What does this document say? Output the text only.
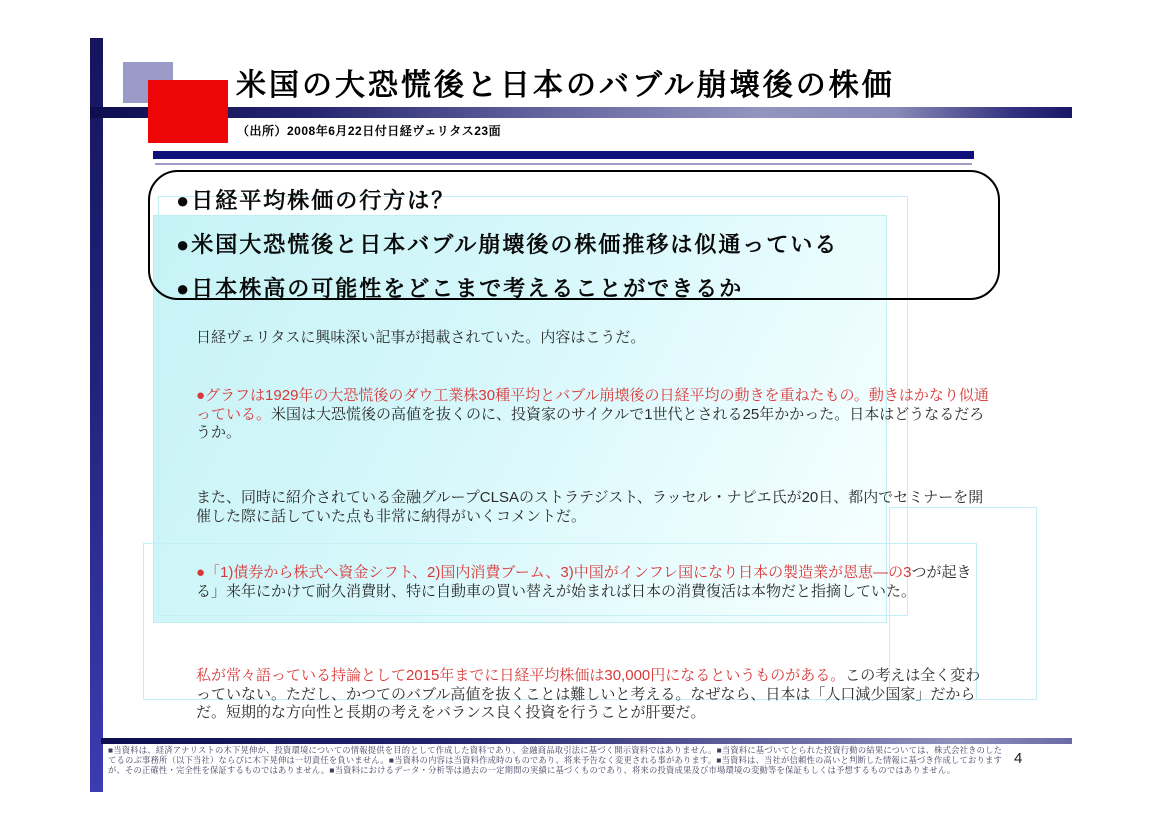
米国の大恐慌後と日本のバブル崩壊後の株価
（出所）2008年6月22日付日経ヴェリタス23面
●日経平均株価の行方は？
●米国大恐慌後と日本バブル崩壊後の株価推移は似通っている
●日本株高の可能性をどこまで考えることができるか
日経ヴェリタスに興味深い記事が掲載されていた。内容はこうだ。
●グラフは1929年の大恐慌後のダウ工業株30種平均とバブル崩壊後の日経平均の動きを重ねたもの。動きはかなり似通っている。米国は大恐慌後の高値を抜くのに、投資家のサイクルで1世代とされる25年かかった。日本はどうなるだろうか。
また、同時に紹介されている金融グループCLSAのストラテジスト、ラッセル・ナピエ氏が20日、都内でセミナーを開催した際に話していた点も非常に納得がいくコメントだ。
●「1)債券から株式へ資金シフト、2)国内消費ブーム、3)中国がインフレ国になり日本の製造業が恩恵―の3つが起きる」来年にかけて耐久消費財、特に自動車の買い替えが始まれば日本の消費復活は本物だと指摘していた。
私が常々語っている持論として2015年までに日経平均株価は30,000円になるというものがある。この考えは全く変わっていない。ただし、かつてのバブル高値を抜くことは難しいと考える。なぜなら、日本は「人口減少国家」だからだ。短期的な方向性と長期の考えをバランス良く投資を行うことが肝要だ。
■当資料は、経済アナリストの木下晃伸が、投資環境についての情報提供を目的として作成した資料であり、金融商品取引法に基づく開示資料ではありません。■当資料に基づいてとられた投資行動の結果については、株式会社きのした
てるのぶ事務所（以下当社）ならびに木下晃伸は一切責任を負いません。■当資料の内容は当資料作成時のものであり、将来予告なく変更される事があります。■当資料は、当社が信頼性の高いと判断した情報に基づき作成しております
が、その正確性・完全性を保証するものではありません。■当資料におけるデータ・分析等は過去の一定期間の実績に基づくものであり、将来の投資成果及び市場環境の変動等を保証もしくは予想するものではありません。
4
